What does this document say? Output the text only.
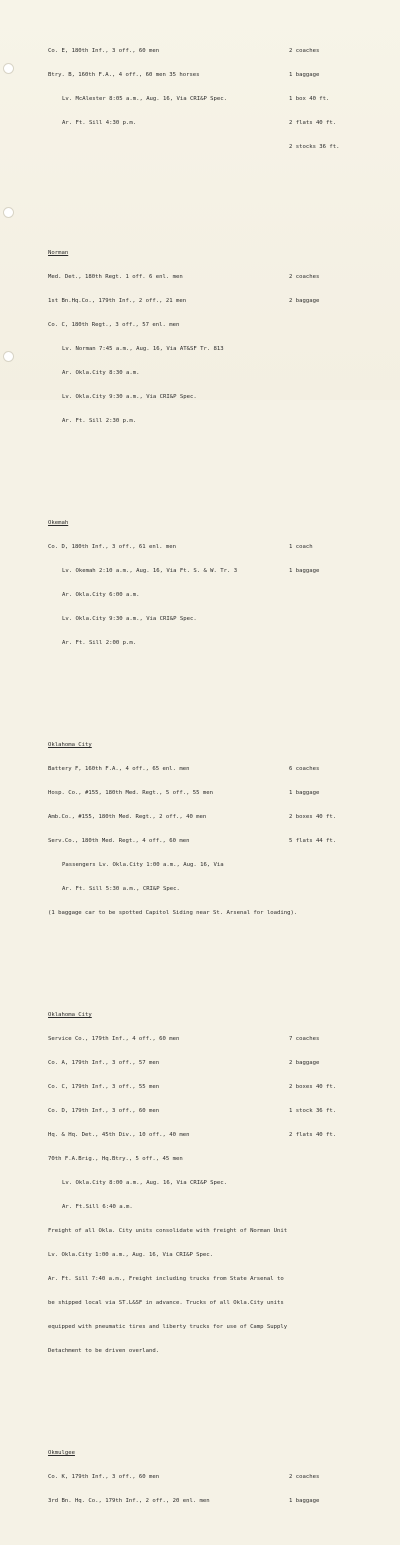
Co. E, 180th Inf., 3 off., 60 men	2 coaches

Btry. B, 160th F.A., 4 off., 60 men 35 horses	1 baggage

Lv. McAlester 8:05 a.m., Aug. 16, Via CRI&P Spec.	1 box 40 ft.

Ar. Ft. Sill 4:30 p.m.	2 flats 40 ft.

2 stocks 36 ft.

Norman

Med. Det., 180th Regt. 1 off. 6 enl. men	2 coaches

1st Bn.Hq.Co., 179th Inf., 2 off., 21 men	2 baggage

Co. C, 180th Regt., 3 off., 57 enl. men

Lv. Norman 7:45 a.m., Aug. 16, Via AT&SF Tr. 813

Ar. Okla.City 8:30 a.m.

Lv. Okla.City 9:30 a.m., Via CRI&P Spec.

Ar. Ft. Sill 2:30 p.m.

Okemah

Co. D, 180th Inf., 3 off., 61 enl. men	1 coach

Lv. Okemah 2:10 a.m., Aug. 16, Via Ft. S. & W. Tr. 3	1 baggage

Ar. Okla.City 6:00 a.m.

Lv. Okla.City 9:30 a.m., Via CRI&P Spec.

Ar. Ft. Sill 2:00 p.m.

Oklahoma City

Battery F, 160th F.A., 4 off., 65 enl. men	6 coaches

Hosp. Co., #155, 180th Med. Regt., 5 off., 55 men	1 baggage

Amb.Co., #155, 180th Med. Regt., 2 off., 40 men	2 boxes 40 ft.

Serv.Co., 180th Med. Regt., 4 off., 60 men	5 flats 44 ft.

Passengers Lv. Okla.City 1:00 a.m., Aug. 16, Via

Ar. Ft. Sill 5:30 a.m., CRI&P Spec.

(1 baggage car to be spotted Capitol Siding near St. Arsenal for loading).

Oklahoma City

Service Co., 179th Inf., 4 off., 60 men	7 coaches

Co. A, 179th Inf., 3 off., 57 men	2 baggage

Co. C, 179th Inf., 3 off., 55 men	2 boxes 40 ft.

Co. D, 179th Inf., 3 off., 60 men	1 stock 36 ft.

Hq. & Hq. Det., 45th Div., 10 off., 40 men	2 flats 40 ft.

70th F.A.Brig., Hq.Btry., 5 off., 45 men

Lv. Okla.City 8:00 a.m., Aug. 16, Via CRI&P Spec.

Ar. Ft.Sill 6:40 a.m.

Freight of all Okla. City units consolidate with freight of Norman Unit

Lv. Okla.City 1:00 a.m., Aug. 16, Via CRI&P Spec.

Ar. Ft. Sill 7:40 a.m., Freight including trucks from State Arsenal to

be shipped local via ST.L&SF in advance. Trucks of all Okla.City units

equipped with pneumatic tires and liberty trucks for use of Camp Supply

Detachment to be driven overland.

Okmulgee

Co. K, 179th Inf., 3 off., 60 men	2 coaches

3rd Bn. Hq. Co., 179th Inf., 2 off., 20 enl. men	1 baggage
